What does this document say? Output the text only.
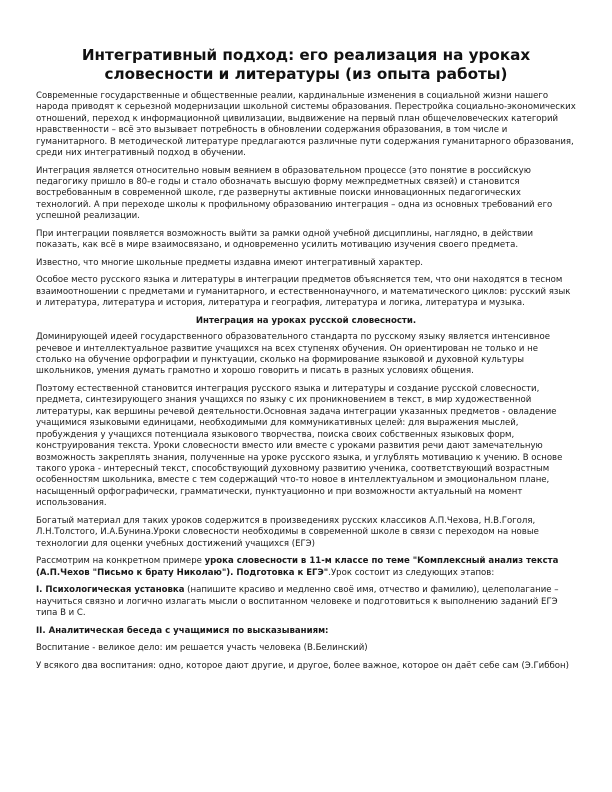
Интегративный подход: его реализация на уроках словесности и литературы (из опыта работы)

Современные государственные и общественные реалии, кардинальные изменения в социальной жизни нашего народа приводят к серьезной модернизации школьной системы образования. Перестройка социально-экономических отношений, переход к информационной цивилизации, выдвижение на первый план общечеловеческих категорий нравственности – всё это вызывает потребность в обновлении содержания образования, в том числе и гуманитарного. В методической литературе предлагаются различные пути содержания гуманитарного образования, среди них интегративный подход в обучении.

Интеграция является относительно новым веянием в образовательном процессе (это понятие в российскую педагогику пришло в 80-е годы и стало обозначать высшую форму межпредметных связей) и становится востребованным в современной школе, где развернуты активные поиски инновационных педагогических технологий. А при переходе школы к профильному образованию интеграция – одна из основных требований его успешной реализации.

При интеграции появляется возможность выйти за рамки одной учебной дисциплины, наглядно, в действии показать, как всё в мире взаимосвязано, и одновременно усилить мотивацию изучения своего предмета.

Известно, что многие школьные предметы издавна имеют интегративный характер.

Особое место русского языка и литературы в интеграции предметов объясняется тем, что они находятся в тесном взаимоотношении с предметами и гуманитарного, и естественнонаучного, и математического циклов: русский язык и литература, литература и история, литература и география, литература и логика, литература и музыка.

Интеграция на уроках русской словесности.

Доминирующей идеей государственного образовательного стандарта по русскому языку является интенсивное речевое и интеллектуальное развитие учащихся на всех ступенях обучения. Он ориентирован не только и не столько на обучение орфографии и пунктуации, сколько на формирование языковой и духовной культуры школьников, умения думать грамотно и хорошо говорить и писать в разных условиях общения.

Поэтому естественной становится интеграция русского языка и литературы и создание русской словесности, предмета, синтезирующего знания учащихся по языку с их проникновением в текст, в мир художественной литературы, как вершины речевой деятельности.Основная задача интеграции указанных предметов - овладение учащимися языковыми единицами, необходимыми для коммуникативных целей: для выражения мыслей, пробуждения у учащихся потенциала языкового творчества, поиска своих собственных языковых форм, конструирования текста. Уроки словесности вместо или вместе с уроками развития речи дают замечательную возможность закреплять знания, полученные на уроке русского языка, и углублять мотивацию к учению. В основе такого урока - интересный текст, способствующий духовному развитию ученика, соответствующий возрастным особенностям школьника, вместе с тем содержащий что-то новое в интеллектуальном и эмоциональном плане, насыщенный орфографически, грамматически, пунктуационно и при возможности актуальный на момент использования.

Богатый материал для таких уроков содержится в произведениях русских классиков А.П.Чехова, Н.В.Гоголя, Л.Н.Толстого, И.А.Бунина.Уроки словесности необходимы в современной школе в связи с переходом на новые технологии для оценки учебных достижений учащихся (ЕГЭ)

Рассмотрим на конкретном примере урока словесности в 11-м классе по теме "Комплексный анализ текста (А.П.Чехов "Письмо к брату Николаю"). Подготовка к ЕГЭ".Урок состоит из следующих этапов:

I. Психологическая установка (напишите красиво и медленно своё имя, отчество и фамилию), целеполагание – научиться связно и логично излагать мысли о воспитанном человеке и подготовиться к выполнению заданий ЕГЭ типа В и С.

II. Аналитическая беседа с учащимися по высказываниям:

Воспитание - великое дело: им решается участь человека (В.Белинский)

У всякого два воспитания: одно, которое дают другие, и другое, более важное, которое он даёт себе сам (Э.Гиббон)
